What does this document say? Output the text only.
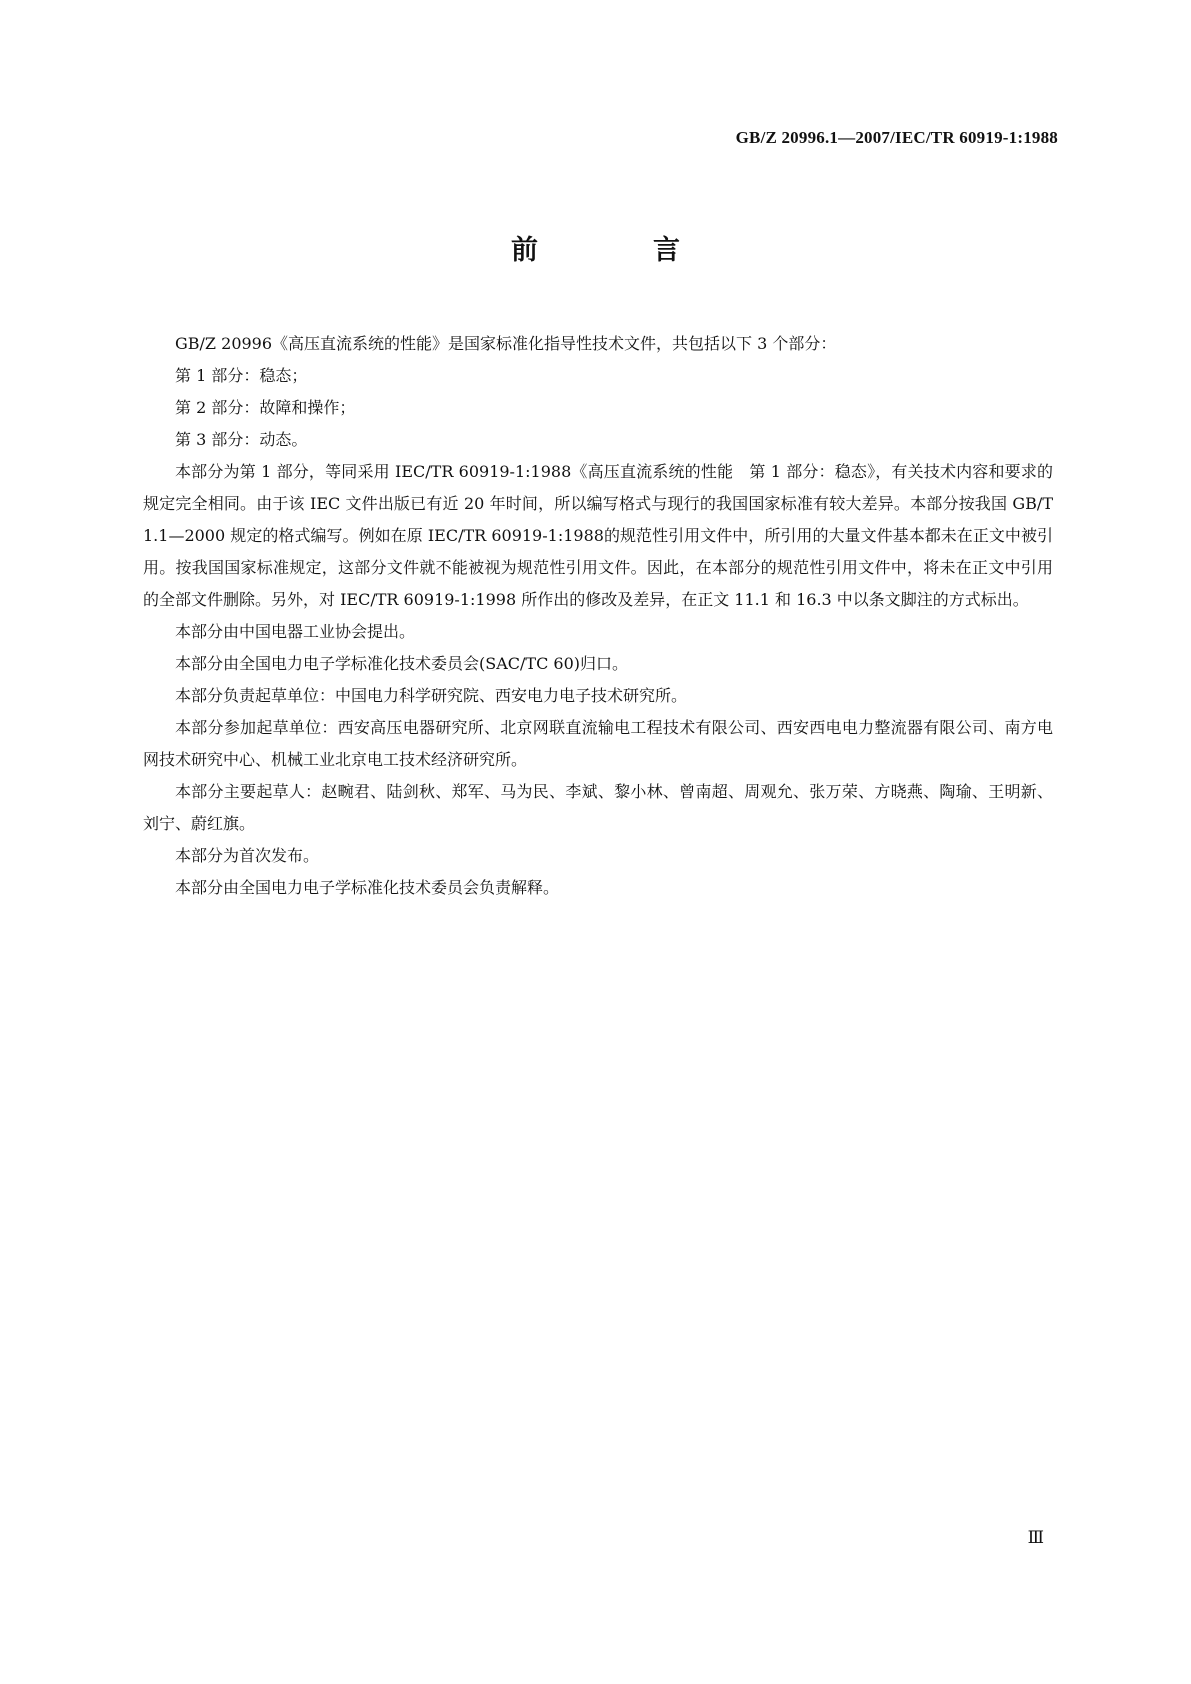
GB/Z 20996.1—2007/IEC/TR 60919-1:1988
前　言

GB/Z 20996《高压直流系统的性能》是国家标准化指导性技术文件，共包括以下 3 个部分：

第 1 部分：稳态；

第 2 部分：故障和操作；

第 3 部分：动态。

本部分为第 1 部分，等同采用 IEC/TR 60919-1:1988《高压直流系统的性能　第 1 部分：稳态》，有关技术内容和要求的规定完全相同。由于该 IEC 文件出版已有近 20 年时间，所以编写格式与现行的我国国家标准有较大差异。本部分按我国 GB/T 1.1—2000 规定的格式编写。例如在原 IEC/TR 60919-1:1988的规范性引用文件中，所引用的大量文件基本都未在正文中被引用。按我国国家标准规定，这部分文件就不能被视为规范性引用文件。因此，在本部分的规范性引用文件中，将未在正文中引用的全部文件删除。另外，对 IEC/TR 60919-1:1998 所作出的修改及差异，在正文 11.1 和 16.3 中以条文脚注的方式标出。

本部分由中国电器工业协会提出。

本部分由全国电力电子学标准化技术委员会(SAC/TC 60)归口。

本部分负责起草单位：中国电力科学研究院、西安电力电子技术研究所。

本部分参加起草单位：西安高压电器研究所、北京网联直流输电工程技术有限公司、西安西电电力整流器有限公司、南方电网技术研究中心、机械工业北京电工技术经济研究所。

本部分主要起草人：赵畹君、陆剑秋、郑军、马为民、李斌、黎小林、曾南超、周观允、张万荣、方晓燕、陶瑜、王明新、刘宁、蔚红旗。

本部分为首次发布。

本部分由全国电力电子学标准化技术委员会负责解释。

Ⅲ
